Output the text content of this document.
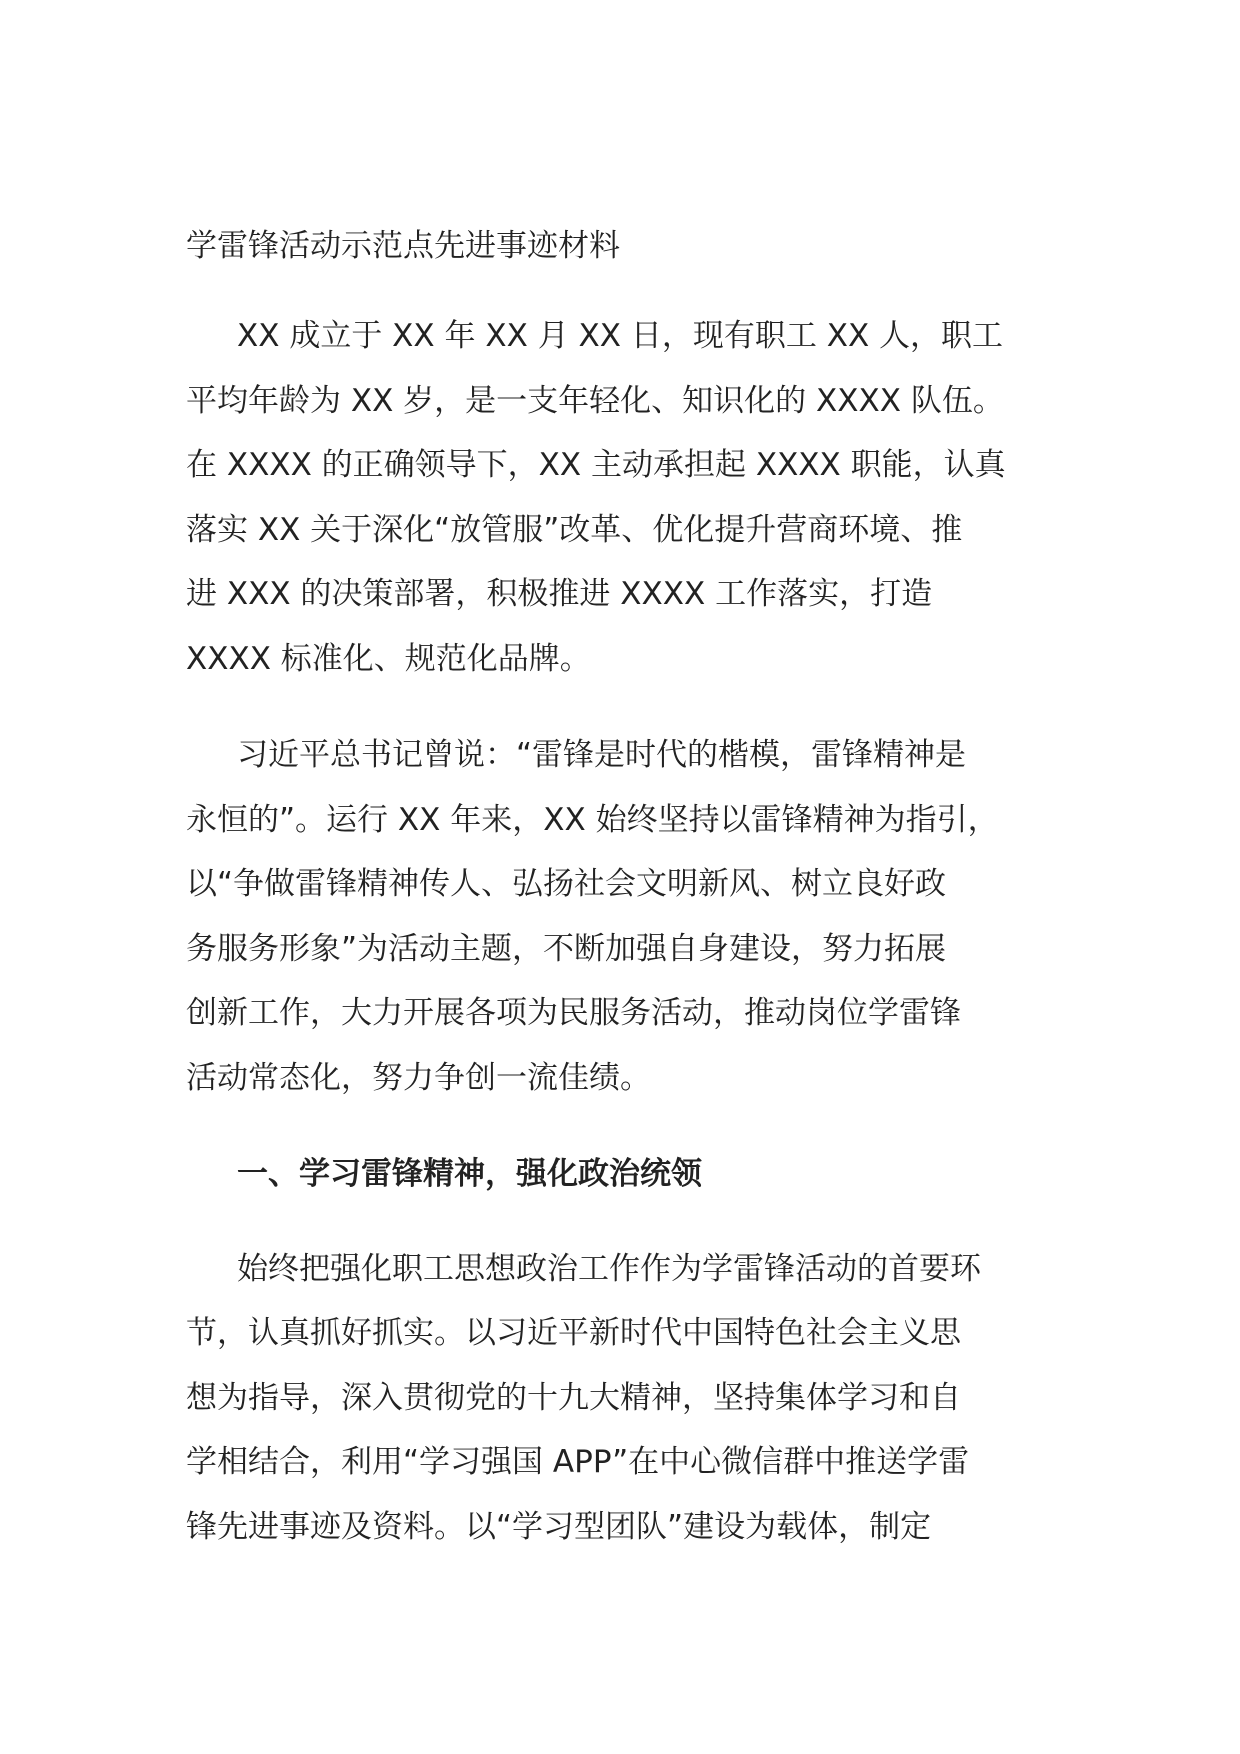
学雷锋活动示范点先进事迹材料
XX 成立于 XX 年 XX 月 XX 日，现有职工 XX 人，职工
平均年龄为 XX 岁，是一支年轻化、知识化的 XXXX 队伍。
在 XXXX 的正确领导下，XX 主动承担起 XXXX 职能，认真
落实 XX 关于深化“放管服”改革、优化提升营商环境、推
进 XXX 的决策部署，积极推进 XXXX 工作落实，打造
XXXX 标准化、规范化品牌。
习近平总书记曾说：“雷锋是时代的楷模，雷锋精神是
永恒的”。运行 XX 年来，XX 始终坚持以雷锋精神为指引，
以“争做雷锋精神传人、弘扬社会文明新风、树立良好政
务服务形象”为活动主题，不断加强自身建设，努力拓展
创新工作，大力开展各项为民服务活动，推动岗位学雷锋
活动常态化，努力争创一流佳绩。
一、学习雷锋精神，强化政治统领
始终把强化职工思想政治工作作为学雷锋活动的首要环
节，认真抓好抓实。以习近平新时代中国特色社会主义思
想为指导，深入贯彻党的十九大精神，坚持集体学习和自
学相结合，利用“学习强国 APP”在中心微信群中推送学雷
锋先进事迹及资料。以“学习型团队”建设为载体，制定
